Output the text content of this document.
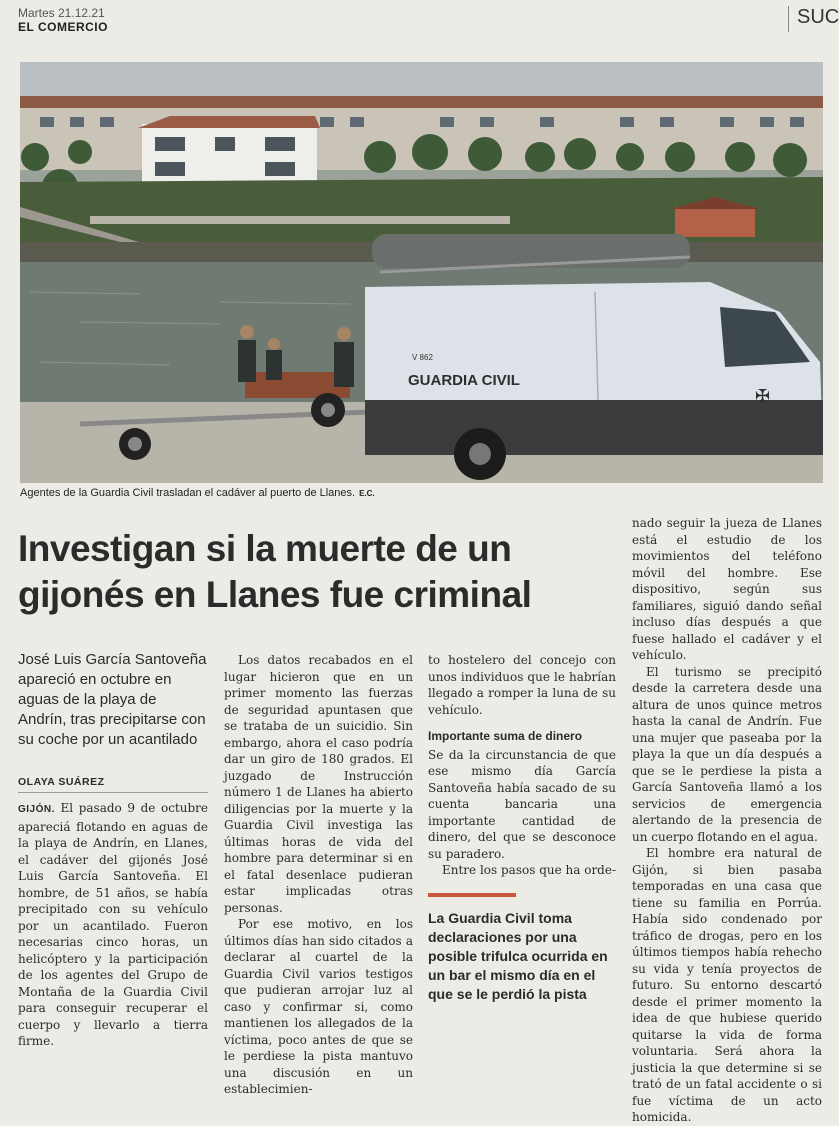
Martes 21.12.21
EL COMERCIO	SUC
V 862
GUARDIA CIVIL
✠
Agentes de la Guardia Civil trasladan el cadáver al puerto de Llanes. E.C.
Investigan si la muerte de un gijonés en Llanes fue criminal
José Luis García Santoveña apareció en octubre en aguas de la playa de Andrín, tras precipitarse con su coche por un acantilado
OLAYA SUÁREZ

GIJÓN. El pasado 9 de octubre apareciá flotando en aguas de la playa de Andrín, en Llanes, el cadáver del gijonés José Luis García Santoveña. El hombre, de 51 años, se había precipitado con su vehículo por un acantilado. Fueron necesarias cinco horas, un helicóptero y la participación de los agentes del Grupo de Montaña de la Guardia Civil para conseguir recuperar el cuerpo y llevarlo a tierra firme.

Los datos recabados en el lugar hicieron que en un primer momento las fuerzas de seguridad apuntasen que se trataba de un suicidio. Sin embargo, ahora el caso podría dar un giro de 180 grados. El juzgado de Instrucción número 1 de Llanes ha abierto diligencias por la muerte y la Guardia Civil investiga las últimas horas de vida del hombre para determinar si en el fatal desenlace pudieran estar implicadas otras personas.

Por ese motivo, en los últimos días han sido citados a declarar al cuartel de la Guardia Civil varios testigos que pudieran arrojar luz al caso y confirmar si, como mantienen los allegados de la víctima, poco antes de que se le perdiese la pista mantuvo una discusión en un establecimien-

to hostelero del concejo con unos individuos que le habrían llegado a romper la luna de su vehículo.

Importante suma de dinero

Se da la circunstancia de que ese mismo día García Santoveña había sacado de su cuenta bancaria una importante cantidad de dinero, del que se desconoce su paradero.

Entre los pasos que ha orde-

La Guardia Civil toma declaraciones por una posible trifulca ocurrida en un bar el mismo día en el que se le perdió la pista

nado seguir la jueza de Llanes está el estudio de los movimientos del teléfono móvil del hombre. Ese dispositivo, según sus familiares, siguió dando señal incluso días después a que fuese hallado el cadáver y el vehículo.

El turismo se precipitó desde la carretera desde una altura de unos quince metros hasta la canal de Andrín. Fue una mujer que paseaba por la playa la que un día después a que se le perdiese la pista a García Santoveña llamó a los servicios de emergencia alertando de la presencia de un cuerpo flotando en el agua.

El hombre era natural de Gijón, si bien pasaba temporadas en una casa que tiene su familia en Porrúa. Había sido condenado por tráfico de drogas, pero en los últimos tiempos había rehecho su vida y tenía proyectos de futuro. Su entorno descartó desde el primer momento la idea de que hubiese querido quitarse la vida de forma voluntaria. Será ahora la justicia la que determine si se trató de un fatal accidente o si fue víctima de un acto homicida.
